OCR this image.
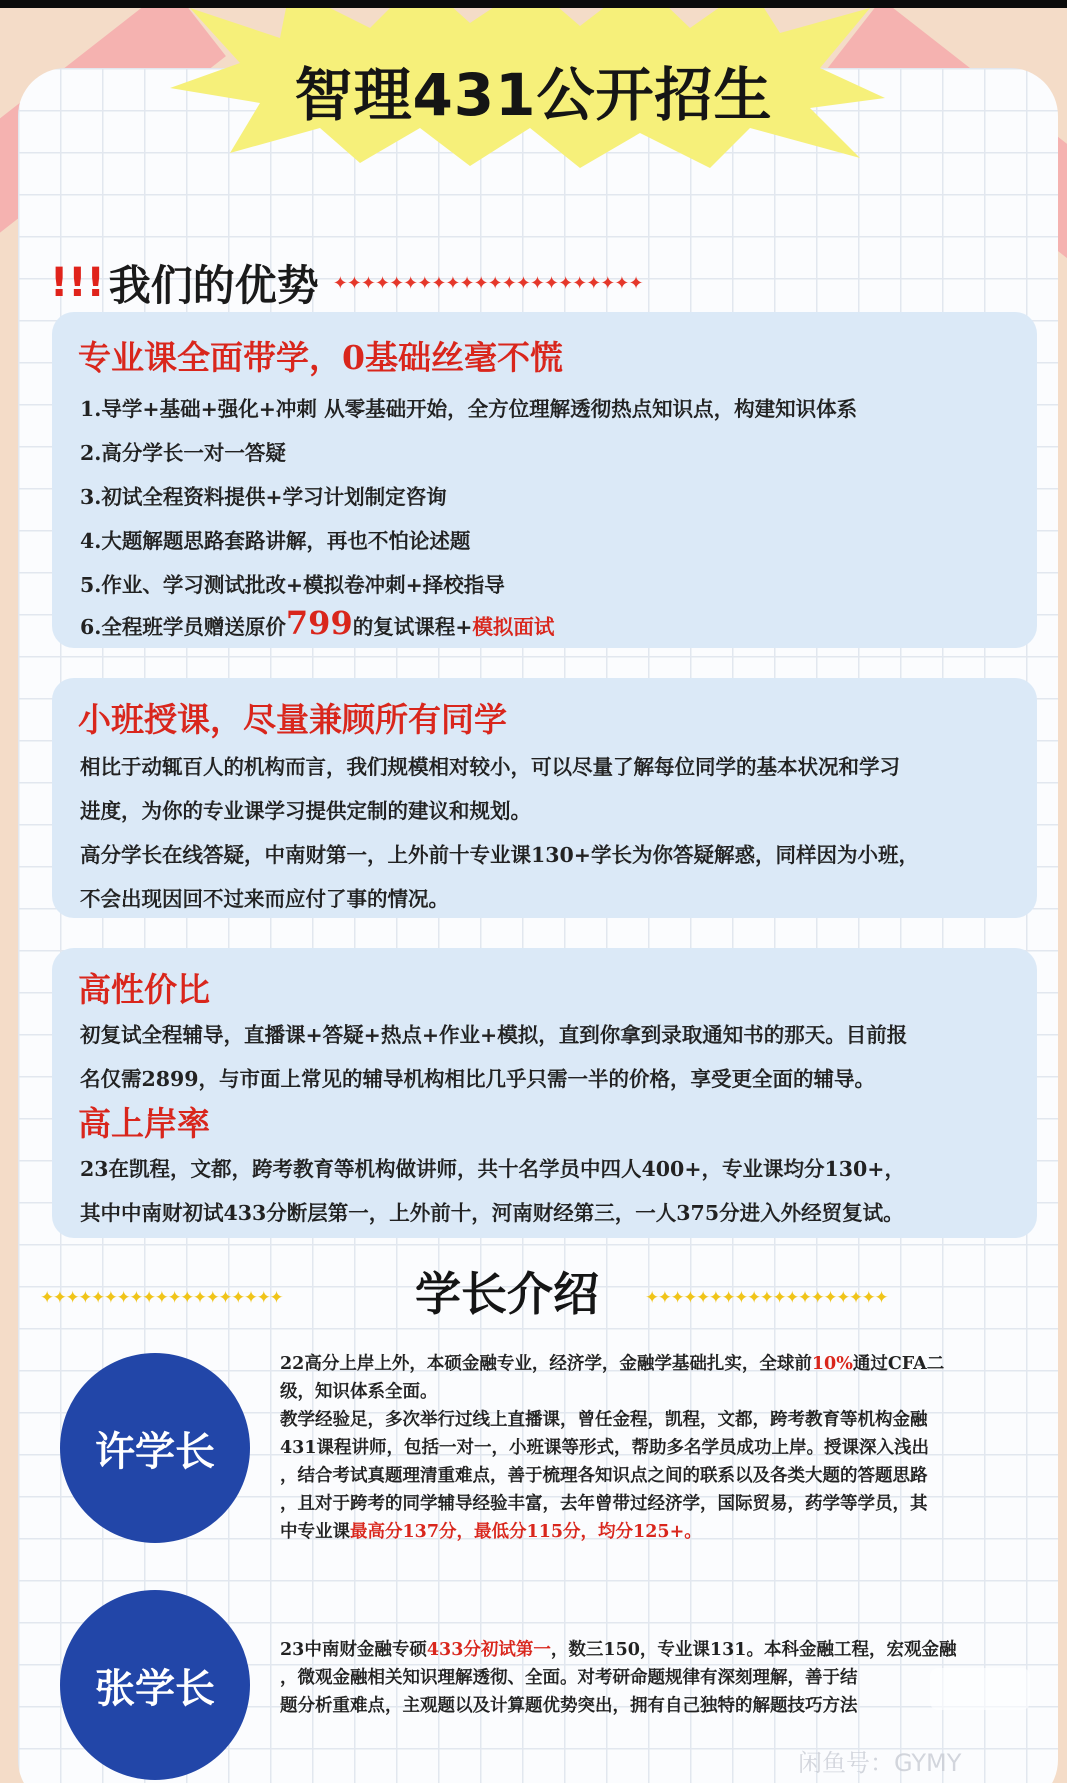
智理431公开招生
!!! 我们的优势 ✦✦✦✦✦✦✦✦✦✦✦✦✦✦✦✦✦✦✦✦✦✦
专业课全面带学，0基础丝毫不慌
1.导学+基础+强化+冲刺 从零基础开始，全方位理解透彻热点知识点，构建知识体系
2.高分学长一对一答疑
3.初试全程资料提供+学习计划制定咨询
4.大题解题思路套路讲解，再也不怕论述题
5.作业、学习测试批改+模拟卷冲刺+择校指导
6.全程班学员赠送原价799的复试课程+模拟面试
小班授课，尽量兼顾所有同学
相比于动辄百人的机构而言，我们规模相对较小，可以尽量了解每位同学的基本状况和学习
进度，为你的专业课学习提供定制的建议和规划。
高分学长在线答疑，中南财第一，上外前十专业课130+学长为你答疑解惑，同样因为小班，
不会出现因回不过来而应付了事的情况。
高性价比
初复试全程辅导，直播课+答疑+热点+作业+模拟，直到你拿到录取通知书的那天。目前报
名仅需2899，与市面上常见的辅导机构相比几乎只需一半的价格，享受更全面的辅导。
高上岸率
23在凯程，文都，跨考教育等机构做讲师，共十名学员中四人400+，专业课均分130+，
其中中南财初试433分断层第一，上外前十，河南财经第三，一人375分进入外经贸复试。
✦✦✦✦✦✦✦✦✦✦✦✦✦✦✦✦✦✦✦	学长介绍	✦✦✦✦✦✦✦✦✦✦✦✦✦✦✦✦✦✦✦
许学长
22高分上岸上外，本硕金融专业，经济学，金融学基础扎实，全球前10%通过CFA二
级，知识体系全面。
教学经验足，多次举行过线上直播课，曾任金程，凯程，文都，跨考教育等机构金融
431课程讲师，包括一对一，小班课等形式，帮助多名学员成功上岸。授课深入浅出
，结合考试真题理清重难点，善于梳理各知识点之间的联系以及各类大题的答题思路
，且对于跨考的同学辅导经验丰富，去年曾带过经济学，国际贸易，药学等学员，其
中专业课最高分137分，最低分115分，均分125+。
张学长
23中南财金融专硕433分初试第一，数三150，专业课131。本科金融工程，宏观金融
，微观金融相关知识理解透彻、全面。对考研命题规律有深刻理解，善于结
题分析重难点，主观题以及计算题优势突出，拥有自己独特的解题技巧方法
闲鱼号：GYMY
